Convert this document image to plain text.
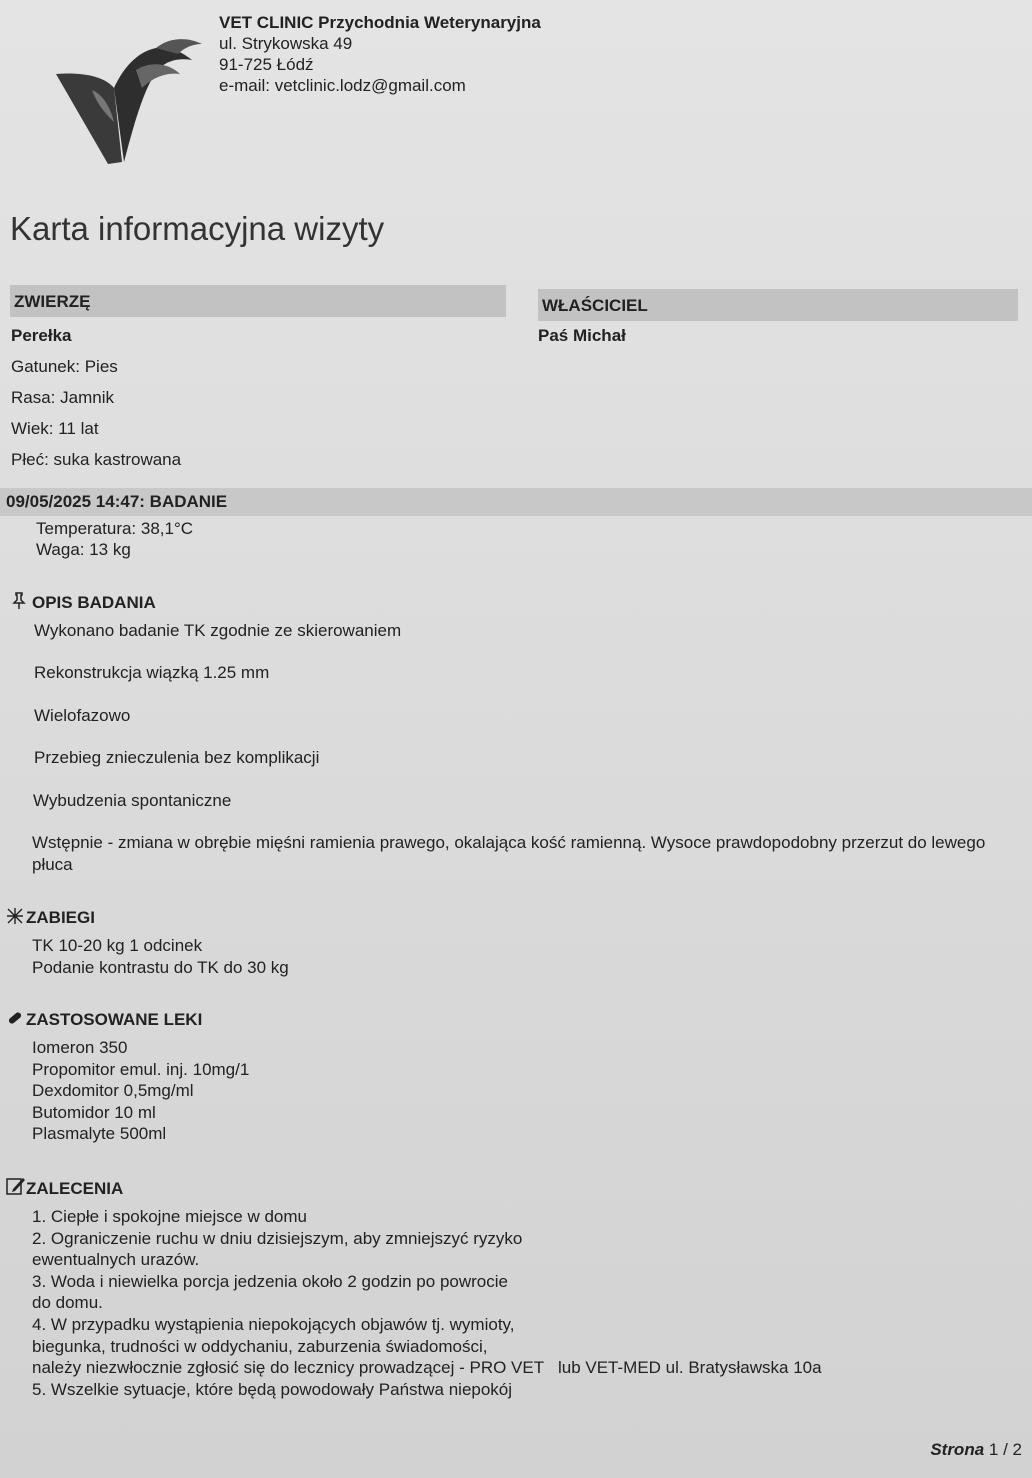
VET CLINIC Przychodnia Weterynaryjna
ul. Strykowska 49
91-725 Łódź
e-mail: vetclinic.lodz@gmail.com
Karta informacyjna wizyty
ZWIERZĘ	WŁAŚCICIEL
Perełka
Gatunek: Pies
Rasa: Jamnik
Wiek: 11 lat
Płeć: suka kastrowana
Paś Michał
09/05/2025 14:47: BADANIE
Temperatura: 38,1°C
Waga: 13 kg
OPIS BADANIA
Wykonano badanie TK zgodnie ze skierowaniem
Rekonstrukcja wiązką 1.25 mm
Wielofazowo
Przebieg znieczulenia bez komplikacji
Wybudzenia spontaniczne
Wstępnie - zmiana w obrębie mięśni ramienia prawego, okalająca kość ramienną. Wysoce prawdopodobny przerzut do lewego płuca
ZABIEGI
TK 10-20 kg 1 odcinek
Podanie kontrastu do TK do 30 kg
ZASTOSOWANE LEKI
Iomeron 350
Propomitor emul. inj. 10mg/1
Dexdomitor 0,5mg/ml
Butomidor 10 ml
Plasmalyte 500ml
ZALECENIA
1. Ciepłe i spokojne miejsce w domu
2. Ograniczenie ruchu w dniu dzisiejszym, aby zmniejszyć ryzyko
ewentualnych urazów.
3. Woda i niewielka porcja jedzenia około 2 godzin po powrocie
do domu.
4. W przypadku wystąpienia niepokojących objawów tj. wymioty,
biegunka, trudności w oddychaniu, zaburzenia świadomości,
należy niezwłocznie zgłosić się do lecznicy prowadzącej - PRO VET   lub VET-MED ul. Bratysławska 10a
5. Wszelkie sytuacje, które będą powodowały Państwa niepokój
Strona 1 / 2
